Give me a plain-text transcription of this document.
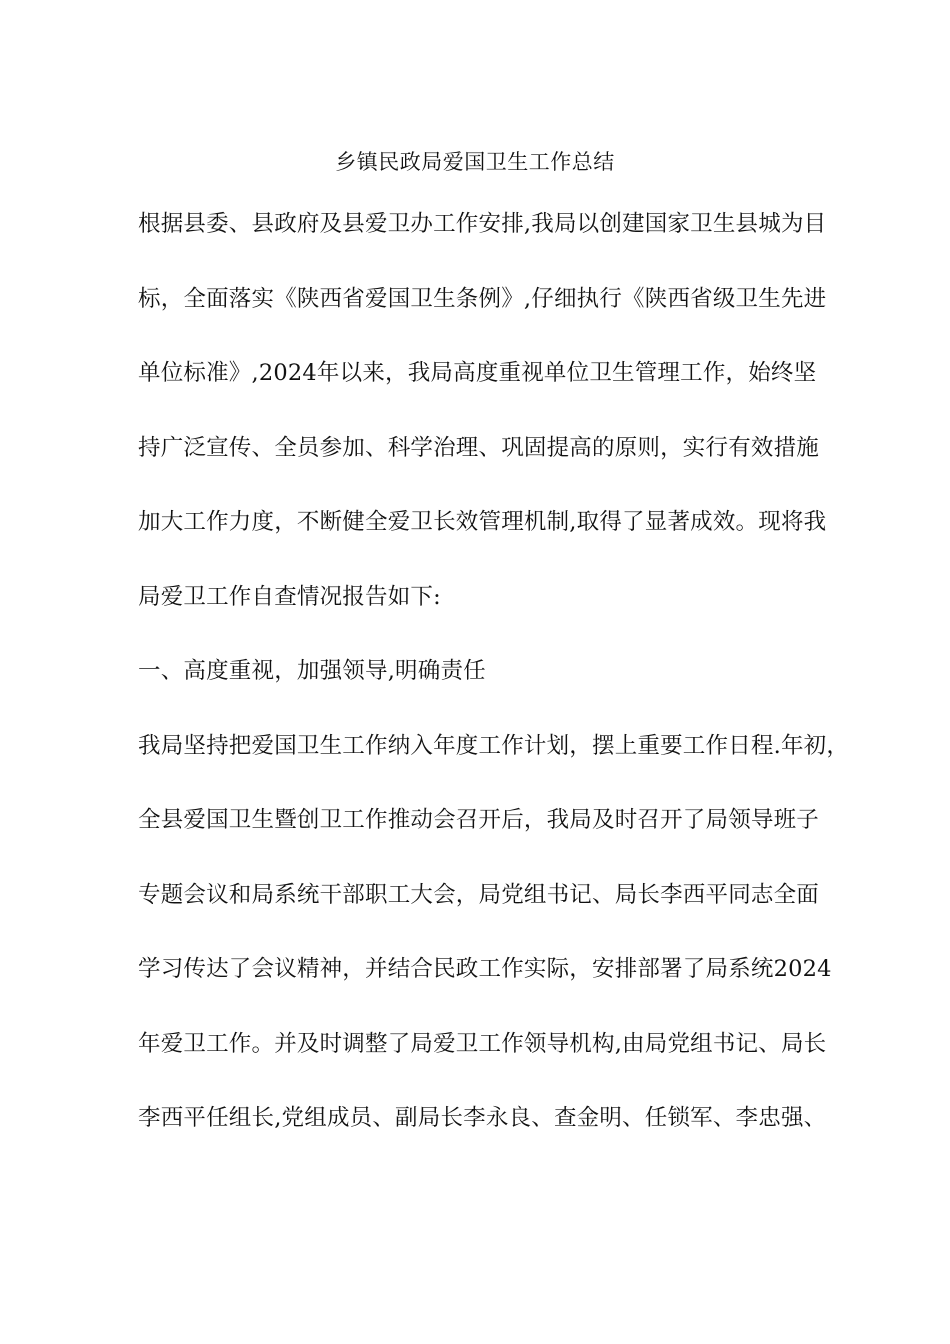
乡镇民政局爱国卫生工作总结
根据县委、县政府及县爱卫办工作安排,我局以创建国家卫生县城为目
标，全面落实《陕西省爱国卫生条例》,仔细执行《陕西省级卫生先进
单位标准》,2024年以来，我局高度重视单位卫生管理工作，始终坚
持广泛宣传、全员参加、科学治理、巩固提高的原则，实行有效措施
加大工作力度，不断健全爱卫长效管理机制,取得了显著成效。现将我
局爱卫工作自查情况报告如下:
一、高度重视，加强领导,明确责任
我局坚持把爱国卫生工作纳入年度工作计划，摆上重要工作日程.年初，
全县爱国卫生暨创卫工作推动会召开后，我局及时召开了局领导班子
专题会议和局系统干部职工大会，局党组书记、局长李西平同志全面
学习传达了会议精神，并结合民政工作实际，安排部署了局系统2024
年爱卫工作。并及时调整了局爱卫工作领导机构,由局党组书记、局长
李西平任组长,党组成员、副局长李永良、查金明、任锁军、李忠强、
